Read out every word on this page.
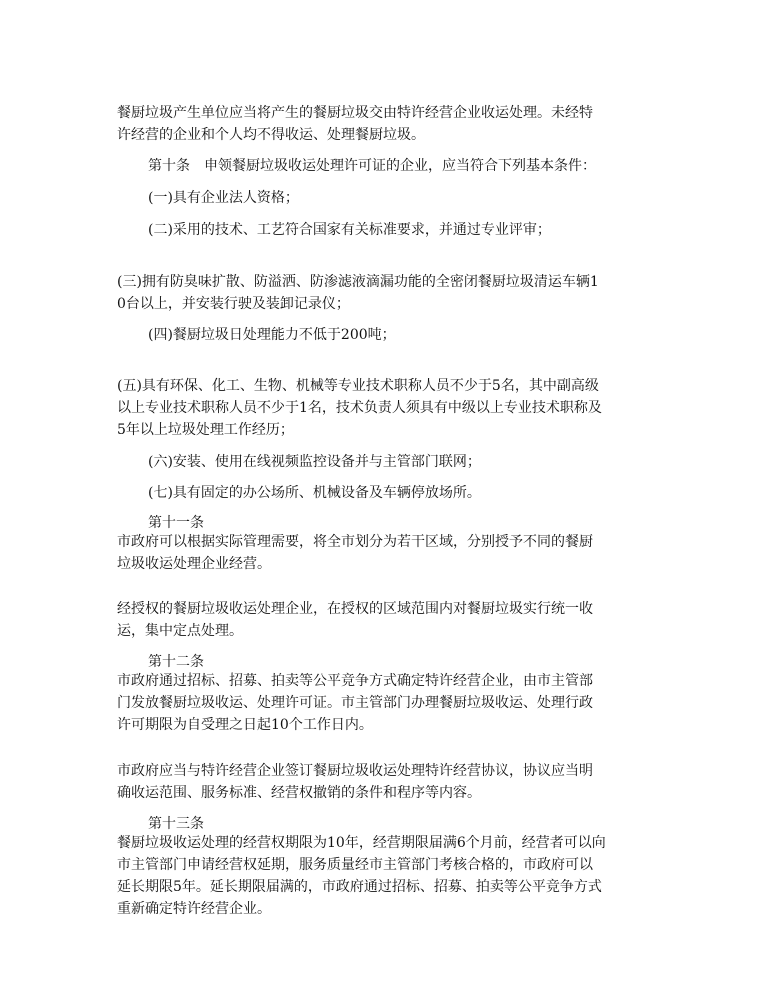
餐厨垃圾产生单位应当将产生的餐厨垃圾交由特许经营企业收运处理。未经特
许经营的企业和个人均不得收运、处理餐厨垃圾。
第十条　申领餐厨垃圾收运处理许可证的企业，应当符合下列基本条件：
(一)具有企业法人资格；
(二)采用的技术、工艺符合国家有关标准要求，并通过专业评审；
(三)拥有防臭味扩散、防溢洒、防渗滤液滴漏功能的全密闭餐厨垃圾清运车辆1
0台以上，并安装行驶及装卸记录仪；
(四)餐厨垃圾日处理能力不低于200吨；
(五)具有环保、化工、生物、机械等专业技术职称人员不少于5名，其中副高级
以上专业技术职称人员不少于1名，技术负责人须具有中级以上专业技术职称及
5年以上垃圾处理工作经历；
(六)安装、使用在线视频监控设备并与主管部门联网；
(七)具有固定的办公场所、机械设备及车辆停放场所。
第十一条
市政府可以根据实际管理需要，将全市划分为若干区域，分别授予不同的餐厨
垃圾收运处理企业经营。
经授权的餐厨垃圾收运处理企业，在授权的区域范围内对餐厨垃圾实行统一收
运，集中定点处理。
第十二条
市政府通过招标、招募、拍卖等公平竞争方式确定特许经营企业，由市主管部
门发放餐厨垃圾收运、处理许可证。市主管部门办理餐厨垃圾收运、处理行政
许可期限为自受理之日起10个工作日内。
市政府应当与特许经营企业签订餐厨垃圾收运处理特许经营协议，协议应当明
确收运范围、服务标准、经营权撤销的条件和程序等内容。
第十三条
餐厨垃圾收运处理的经营权期限为10年，经营期限届满6个月前，经营者可以向
市主管部门申请经营权延期，服务质量经市主管部门考核合格的，市政府可以
延长期限5年。延长期限届满的，市政府通过招标、招募、拍卖等公平竞争方式
重新确定特许经营企业。
